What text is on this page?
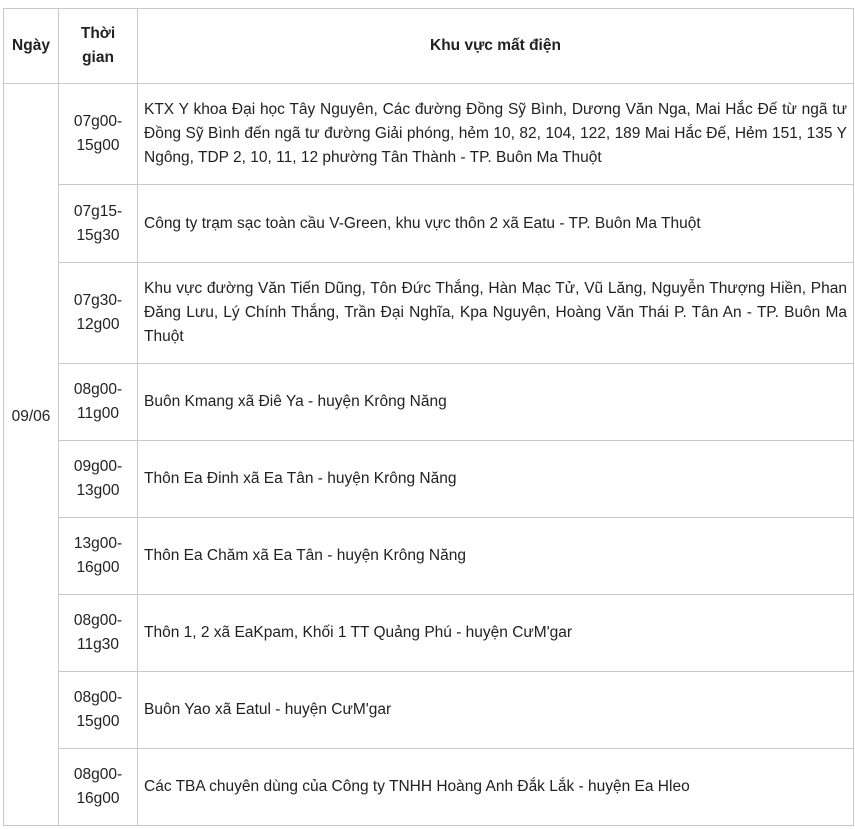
Ngày	Thời gian	Khu vực mất điện
09/06	07g00-15g00	KTX Y khoa Đại học Tây Nguyên, Các đường Đồng Sỹ Bình, Dương Văn Nga, Mai Hắc Đế từ ngã tư Đồng Sỹ Bình đến ngã tư đường Giải phóng, hẻm 10, 82, 104, 122, 189 Mai Hắc Đế, Hẻm 151, 135 Y Ngông, TDP 2, 10, 11, 12 phường Tân Thành - TP. Buôn Ma Thuột
	07g15-15g30	Công ty trạm sạc toàn cầu V-Green, khu vực thôn 2 xã Eatu - TP. Buôn Ma Thuột
	07g30-12g00	Khu vực đường Văn Tiến Dũng, Tôn Đức Thắng, Hàn Mạc Tử, Vũ Lăng, Nguyễn Thượng Hiền, Phan Đăng Lưu, Lý Chính Thắng, Trần Đại Nghĩa, Kpa Nguyên, Hoàng Văn Thái P. Tân An - TP. Buôn Ma Thuột
	08g00-11g00	Buôn Kmang xã Điê Ya - huyện Krông Năng
	09g00-13g00	Thôn Ea Đinh xã Ea Tân - huyện Krông Năng
	13g00-16g00	Thôn Ea Chăm xã Ea Tân - huyện Krông Năng
	08g00-11g30	Thôn 1, 2 xã EaKpam, Khối 1 TT Quảng Phú - huyện CưM'gar
	08g00-15g00	Buôn Yao xã Eatul - huyện CưM'gar
	08g00-16g00	Các TBA chuyên dùng của Công ty TNHH Hoàng Anh Đắk Lắk - huyện Ea Hleo
